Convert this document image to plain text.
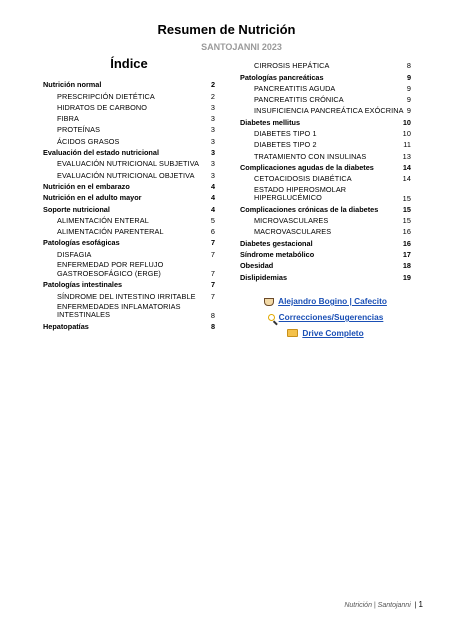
Resumen de Nutrición
SANTOJANNI 2023
Índice
Nutrición normal	2
PRESCRIPCIÓN DIETÉTICA	2
HIDRATOS DE CARBONO	3
FIBRA	3
PROTEÍNAS	3
ÁCIDOS GRASOS	3
Evaluación del estado nutricional	3
EVALUACIÓN NUTRICIONAL SUBJETIVA	3
EVALUACIÓN NUTRICIONAL OBJETIVA	3
Nutrición en el embarazo	4
Nutrición en el adulto mayor	4
Soporte nutricional	4
ALIMENTACIÓN ENTERAL	5
ALIMENTACIÓN PARENTERAL	6
Patologías esofágicas	7
DISFAGIA	7
ENFERMEDAD POR REFLUJO GASTROESOFÁGICO (ERGE)	7
Patologías intestinales	7
SÍNDROME DEL INTESTINO IRRITABLE	7
ENFERMEDADES INFLAMATORIAS INTESTINALES	8
Hepatopatías	8
CIRROSIS HEPÁTICA	8
Patologías pancreáticas	9
PANCREATITIS AGUDA	9
PANCREATITIS CRÓNICA	9
INSUFICIENCIA PANCREÁTICA EXÓCRINA 9
Diabetes mellitus	10
DIABETES TIPO 1	10
DIABETES TIPO 2	11
TRATAMIENTO CON INSULINAS	13
Complicaciones agudas de la diabetes	14
CETOACIDOSIS DIABÉTICA	14
ESTADO HIPEROSMOLAR HIPERGLUCÉMICO	15
Complicaciones crónicas de la diabetes	15
MICROVASCULARES	15
MACROVASCULARES	16
Diabetes gestacional	16
Síndrome metabólico	17
Obesidad	18
Dislipidemias	19
Alejandro Bogino | Cafecito
Correcciones/Sugerencias
Drive Completo
Nutrición | Santojanni | 1
